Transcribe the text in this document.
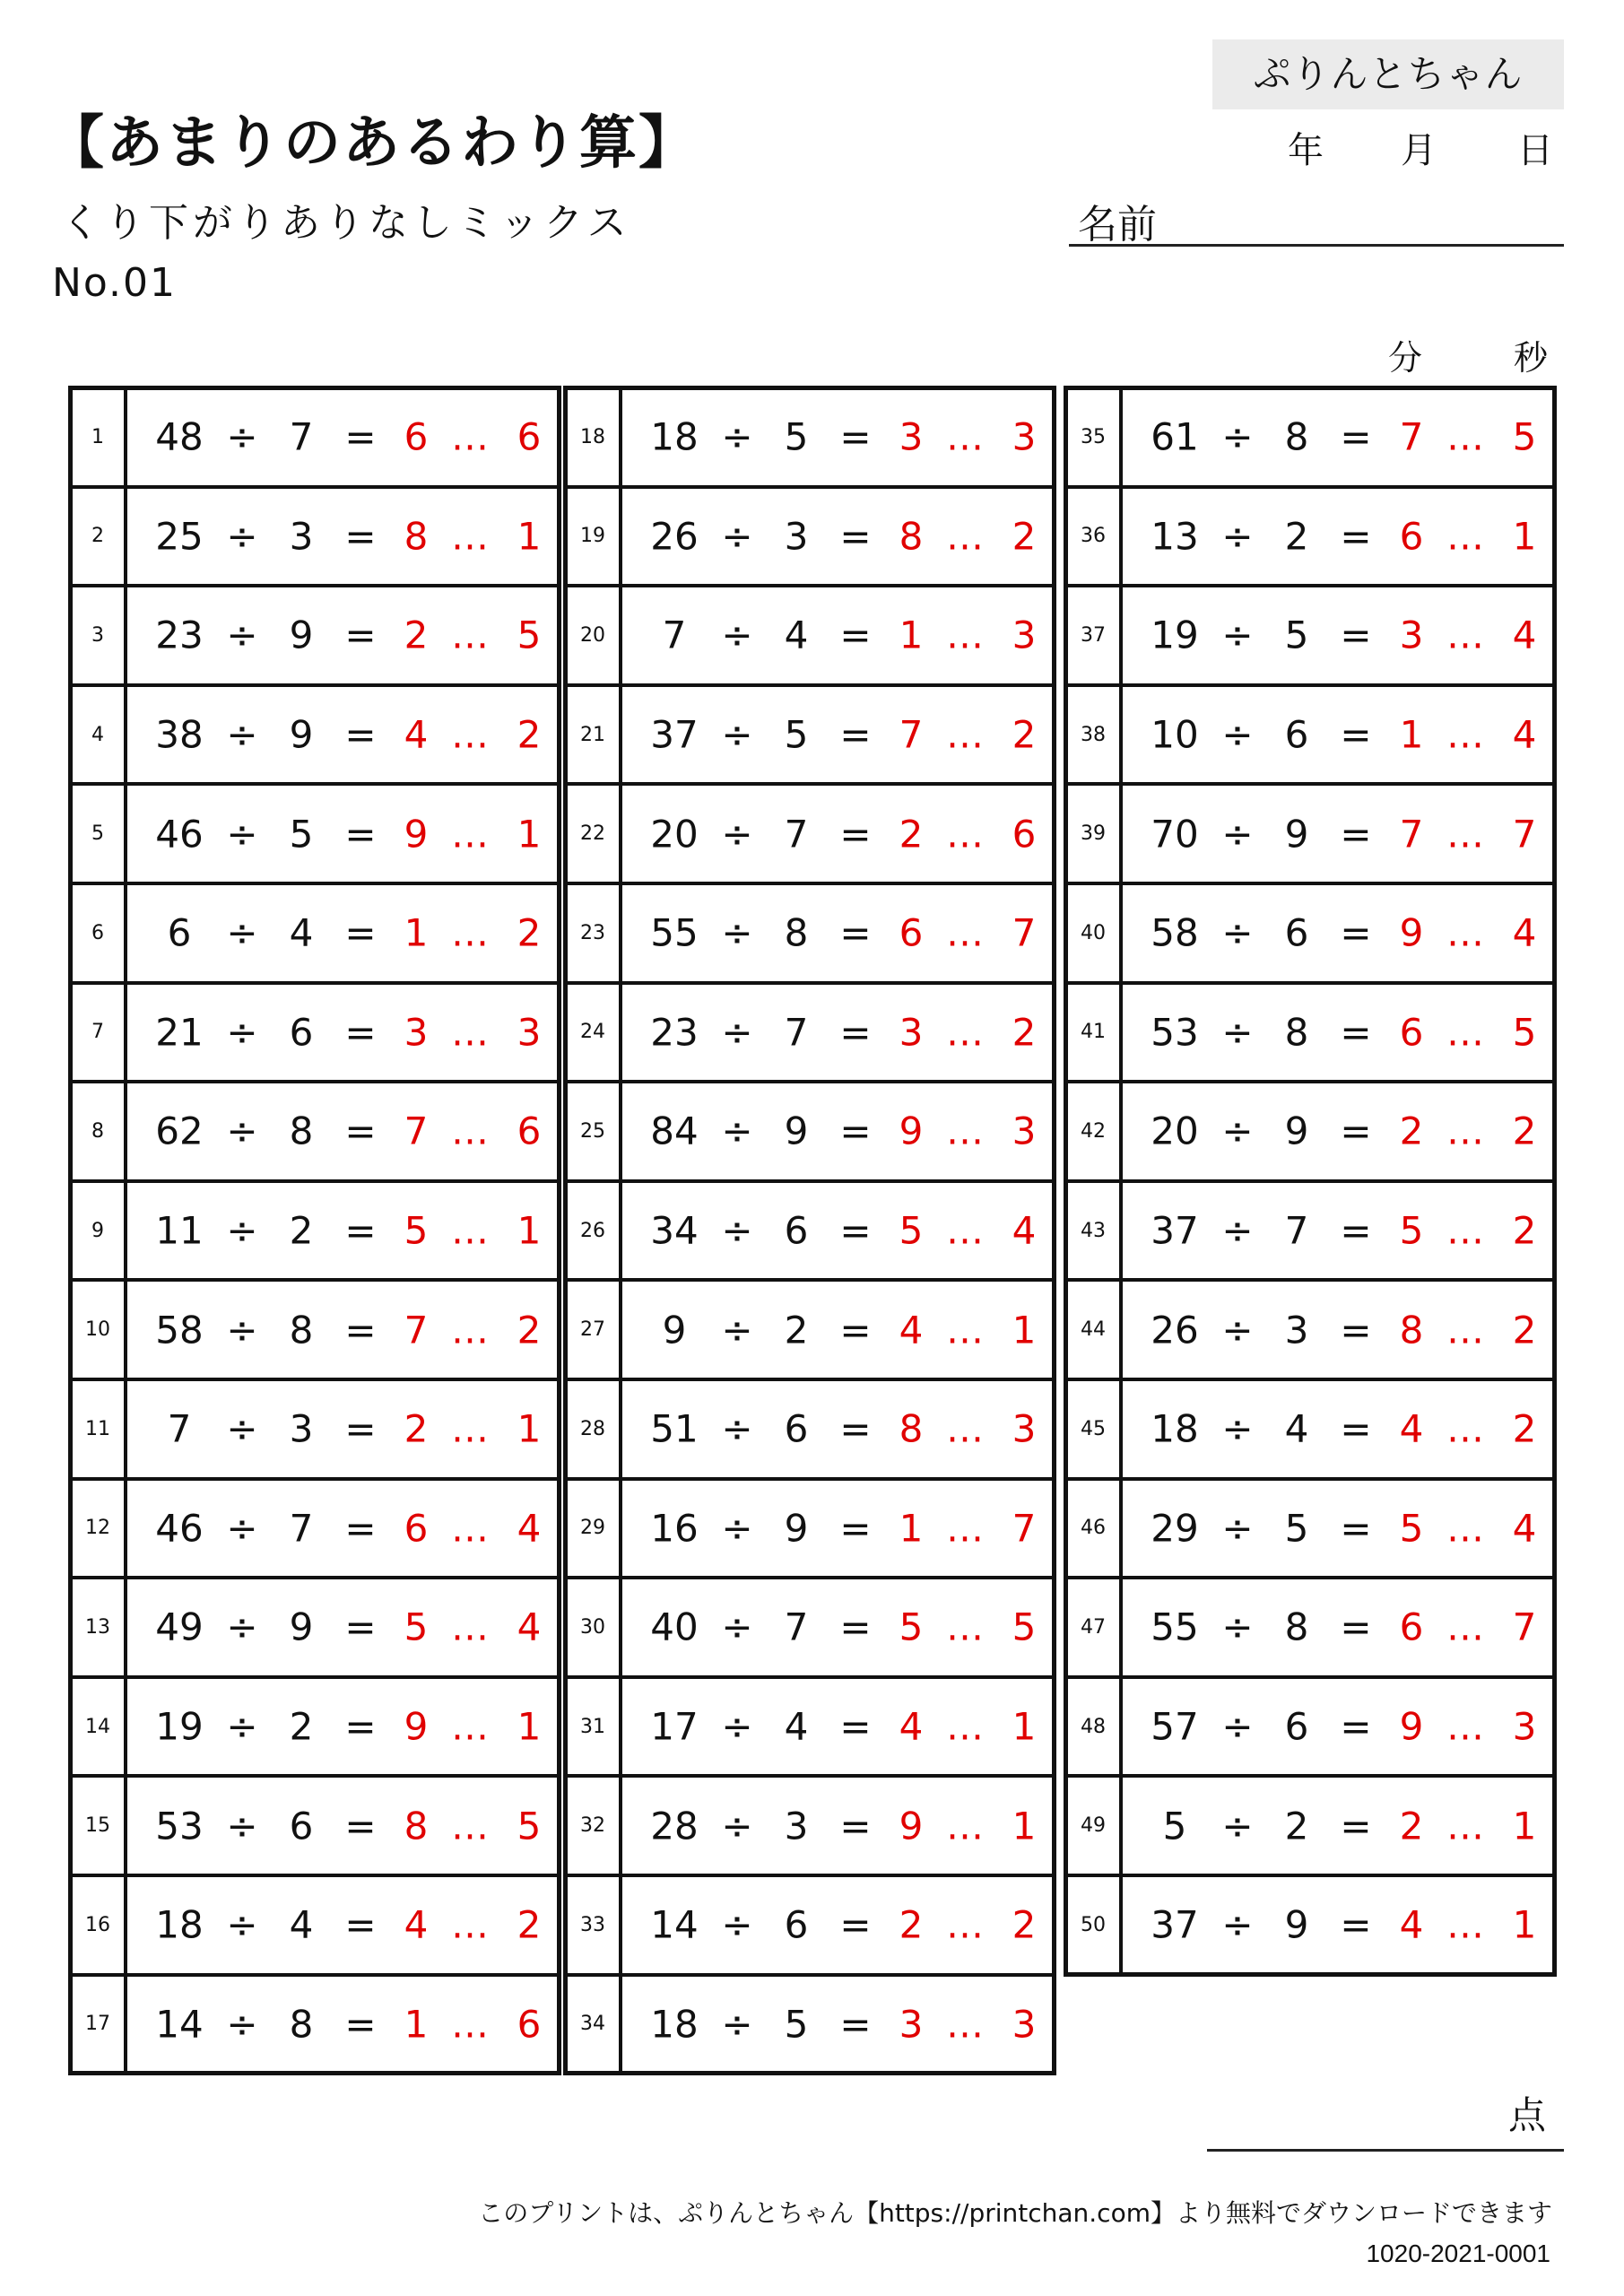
ぷりんとちゃん
【あまりのあるわり算】
くり下がりありなしミックス
No.01
年 月 日
名前
分	秒
1	48 ÷ 7 = 6 … 6
2	25 ÷ 3 = 8 … 1
3	23 ÷ 9 = 2 … 5
4	38 ÷ 9 = 4 … 2
5	46 ÷ 5 = 9 … 1
6	6 ÷ 4 = 1 … 2
7	21 ÷ 6 = 3 … 3
8	62 ÷ 8 = 7 … 6
9	11 ÷ 2 = 5 … 1
10	58 ÷ 8 = 7 … 2
11	7 ÷ 3 = 2 … 1
12	46 ÷ 7 = 6 … 4
13	49 ÷ 9 = 5 … 4
14	19 ÷ 2 = 9 … 1
15	53 ÷ 6 = 8 … 5
16	18 ÷ 4 = 4 … 2
17	14 ÷ 8 = 1 … 6
18	18 ÷ 5 = 3 … 3
19	26 ÷ 3 = 8 … 2
20	7 ÷ 4 = 1 … 3
21	37 ÷ 5 = 7 … 2
22	20 ÷ 7 = 2 … 6
23	55 ÷ 8 = 6 … 7
24	23 ÷ 7 = 3 … 2
25	84 ÷ 9 = 9 … 3
26	34 ÷ 6 = 5 … 4
27	9 ÷ 2 = 4 … 1
28	51 ÷ 6 = 8 … 3
29	16 ÷ 9 = 1 … 7
30	40 ÷ 7 = 5 … 5
31	17 ÷ 4 = 4 … 1
32	28 ÷ 3 = 9 … 1
33	14 ÷ 6 = 2 … 2
34	18 ÷ 5 = 3 … 3
35	61 ÷ 8 = 7 … 5
36	13 ÷ 2 = 6 … 1
37	19 ÷ 5 = 3 … 4
38	10 ÷ 6 = 1 … 4
39	70 ÷ 9 = 7 … 7
40	58 ÷ 6 = 9 … 4
41	53 ÷ 8 = 6 … 5
42	20 ÷ 9 = 2 … 2
43	37 ÷ 7 = 5 … 2
44	26 ÷ 3 = 8 … 2
45	18 ÷ 4 = 4 … 2
46	29 ÷ 5 = 5 … 4
47	55 ÷ 8 = 6 … 7
48	57 ÷ 6 = 9 … 3
49	5 ÷ 2 = 2 … 1
50	37 ÷ 9 = 4 … 1
点
このプリントは、ぷりんとちゃん【https://printchan.com】より無料でダウンロードできます
1020-2021-0001
